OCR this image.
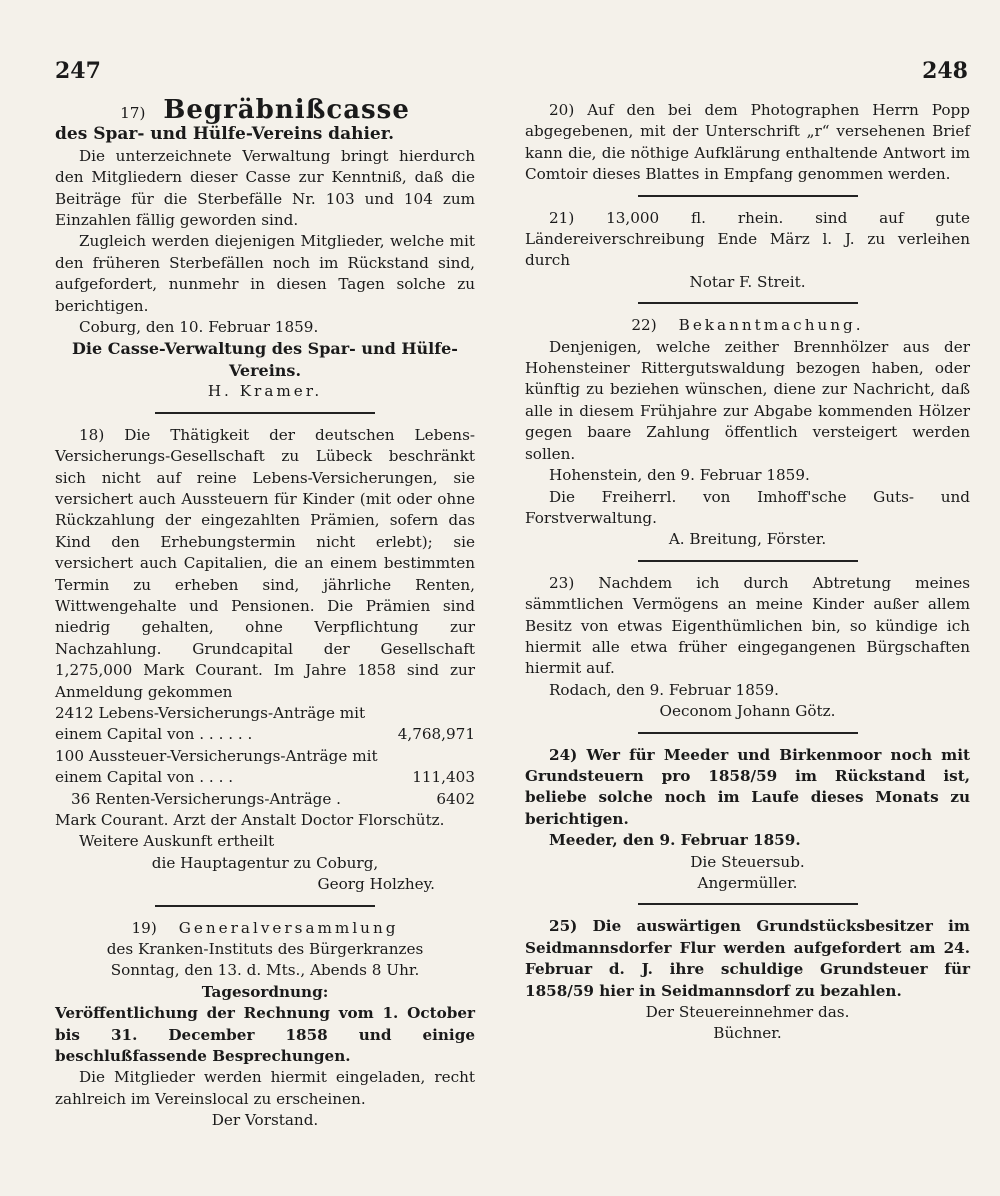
247	248
17) Begräbnißcasse

des Spar- und Hülfe-Vereins dahier.

Die unterzeichnete Verwaltung bringt hierdurch den Mitgliedern dieser Casse zur Kenntniß, daß die Beiträge für die Sterbefälle Nr. 103 und 104 zum Einzahlen fällig geworden sind.

Zugleich werden diejenigen Mitglieder, welche mit den früheren Sterbefällen noch im Rückstand sind, aufgefordert, nunmehr in diesen Tagen solche zu berichtigen.

Coburg, den 10. Februar 1859.

Die Casse-Verwaltung des Spar- und Hülfe-Vereins.

H. Kramer.

18) Die Thätigkeit der deutschen Lebens-Versicherungs-Gesellschaft zu Lübeck beschränkt sich nicht auf reine Lebens-Versicherungen, sie versichert auch Aussteuern für Kinder (mit oder ohne Rückzahlung der eingezahlten Prämien, sofern das Kind den Erhebungstermin nicht erlebt); sie versichert auch Capitalien, die an einem bestimmten Termin zu erheben sind, jährliche Renten, Wittwengehalte und Pensionen. Die Prämien sind niedrig gehalten, ohne Verpflichtung zur Nachzahlung. Grundcapital der Gesellschaft 1,275,000 Mark Courant. Im Jahre 1858 sind zur Anmeldung gekommen

2412 Lebens-Versicherungs-Anträge mit einem Capital von . . . . . .	4,768,971
100 Aussteuer-Versicherungs-Anträge mit einem Capital von . . . .	111,403
36 Renten-Versicherungs-Anträge .	6402

Mark Courant. Arzt der Anstalt Doctor Florschütz.

Weitere Auskunft ertheilt

die Hauptagentur zu Coburg,

Georg Holzhey.

19) Generalversammlung

des Kranken-Instituts des Bürgerkranzes

Sonntag, den 13. d. Mts., Abends 8 Uhr.

Tagesordnung:

Veröffentlichung der Rechnung vom 1. October bis 31. December 1858 und einige beschlußfassende Besprechungen.

Die Mitglieder werden hiermit eingeladen, recht zahlreich im Vereinslocal zu erscheinen.

Der Vorstand.

20) Auf den bei dem Photographen Herrn Popp abgegebenen, mit der Unterschrift „r“ versehenen Brief kann die, die nöthige Aufklärung enthaltende Antwort im Comtoir dieses Blattes in Empfang genommen werden.

21) 13,000 fl. rhein. sind auf gute Ländereiverschreibung Ende März l. J. zu verleihen durch

Notar F. Streit.

22) Bekanntmachung.

Denjenigen, welche zeither Brennhölzer aus der Hohensteiner Rittergutswaldung bezogen haben, oder künftig zu beziehen wünschen, diene zur Nachricht, daß alle in diesem Frühjahre zur Abgabe kommenden Hölzer gegen baare Zahlung öffentlich versteigert werden sollen.

Hohenstein, den 9. Februar 1859.

Die Freiherrl. von Imhoff'sche Guts- und Forstverwaltung.

A. Breitung, Förster.

23) Nachdem ich durch Abtretung meines sämmtlichen Vermögens an meine Kinder außer allem Besitz von etwas Eigenthümlichen bin, so kündige ich hiermit alle etwa früher eingegangenen Bürgschaften hiermit auf.

Rodach, den 9. Februar 1859.

Oeconom Johann Götz.

24) Wer für Meeder und Birkenmoor noch mit Grundsteuern pro 1858/59 im Rückstand ist, beliebe solche noch im Laufe dieses Monats zu berichtigen.

Meeder, den 9. Februar 1859.

Die Steuersub.

Angermüller.

25) Die auswärtigen Grundstücksbesitzer im Seidmannsdorfer Flur werden aufgefordert am 24. Februar d. J. ihre schuldige Grundsteuer für 1858/59 hier in Seidmannsdorf zu bezahlen.

Der Steuereinnehmer das.

Büchner.
